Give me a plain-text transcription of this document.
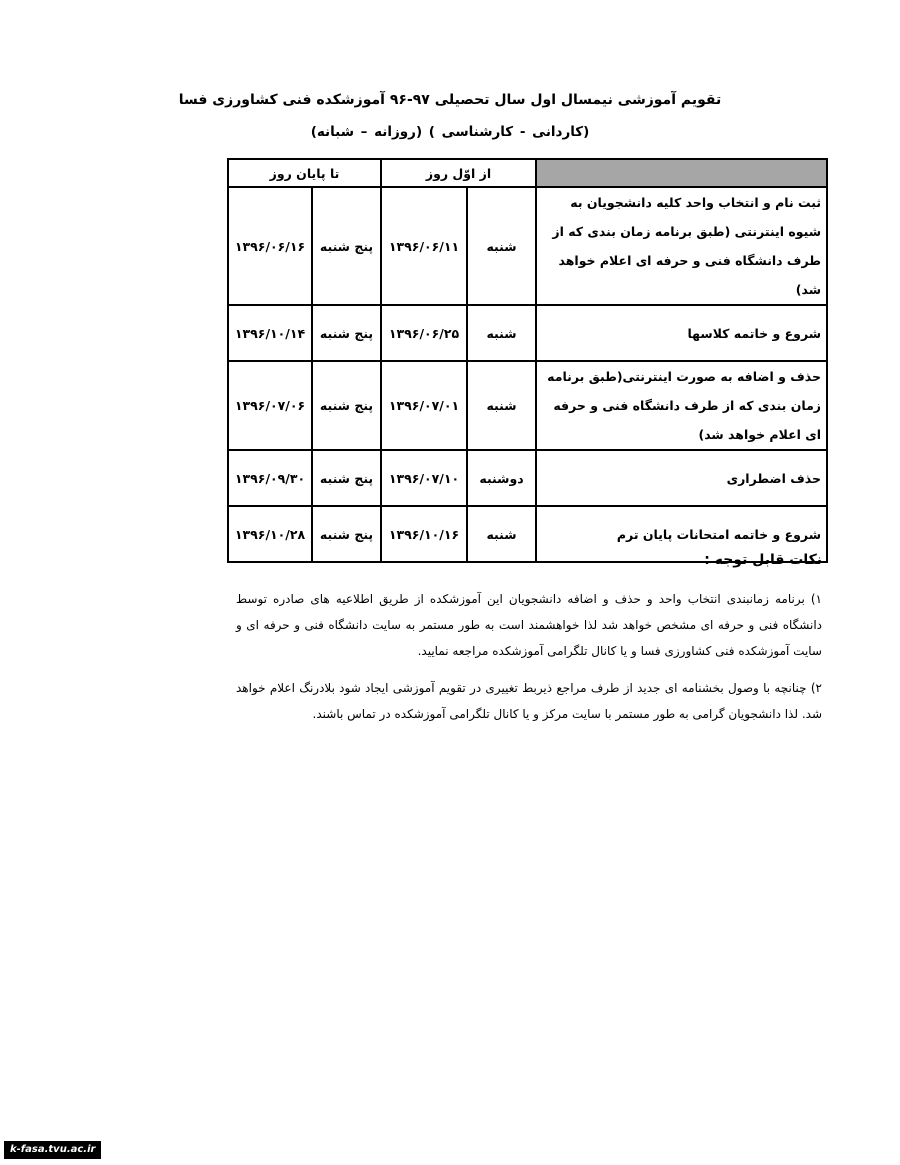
تقویم آموزشی نیمسال اول سال تحصیلی ۹۷-۹۶ آموزشکده فنی کشاورزی فسا
(کاردانی - کارشناسی ) (روزانه – شبانه)
	از اوّل روز		تا پایان روز	
ثبت نام و انتخاب واحد کلیه دانشجویان به شیوه اینترنتی (طبق برنامه زمان بندی که از طرف دانشگاه فنی و حرفه ای اعلام خواهد شد)	شنبه	۱۳۹۶/۰۶/۱۱	پنج شنبه	۱۳۹۶/۰۶/۱۶
شروع و خاتمه کلاسها	شنبه	۱۳۹۶/۰۶/۲۵	پنج شنبه	۱۳۹۶/۱۰/۱۴
حذف و اضافه به صورت اینترنتی(طبق برنامه زمان بندی که از طرف دانشگاه فنی و حرفه ای اعلام خواهد شد)	شنبه	۱۳۹۶/۰۷/۰۱	پنج شنبه	۱۳۹۶/۰۷/۰۶
حذف اضطراری	دوشنبه	۱۳۹۶/۰۷/۱۰	پنج شنبه	۱۳۹۶/۰۹/۳۰
شروع و خاتمه امتحانات پایان ترم	شنبه	۱۳۹۶/۱۰/۱۶	پنج شنبه	۱۳۹۶/۱۰/۲۸
نکات قابل توجه :
۱) برنامه زمانبندی انتخاب واحد و حذف و اضافه دانشجویان این آموزشکده از طریق اطلاعیه های صادره توسط دانشگاه فنی و حرفه ای مشخص خواهد شد لذا خواهشمند است به طور مستمر به سایت دانشگاه فنی و حرفه ای و سایت آموزشکده فنی کشاورزی فسا و یا کانال تلگرامی آموزشکده مراجعه نمایید.
۲) چنانچه با وصول بخشنامه ای جدید از طرف مراجع ذیربط تغییری در تقویم آموزشی ایجاد شود بلادرنگ اعلام خواهد شد. لذا دانشجویان گرامی به طور مستمر با سایت مرکز و یا کانال تلگرامی آموزشکده در تماس باشند.
k-fasa.tvu.ac.ir
